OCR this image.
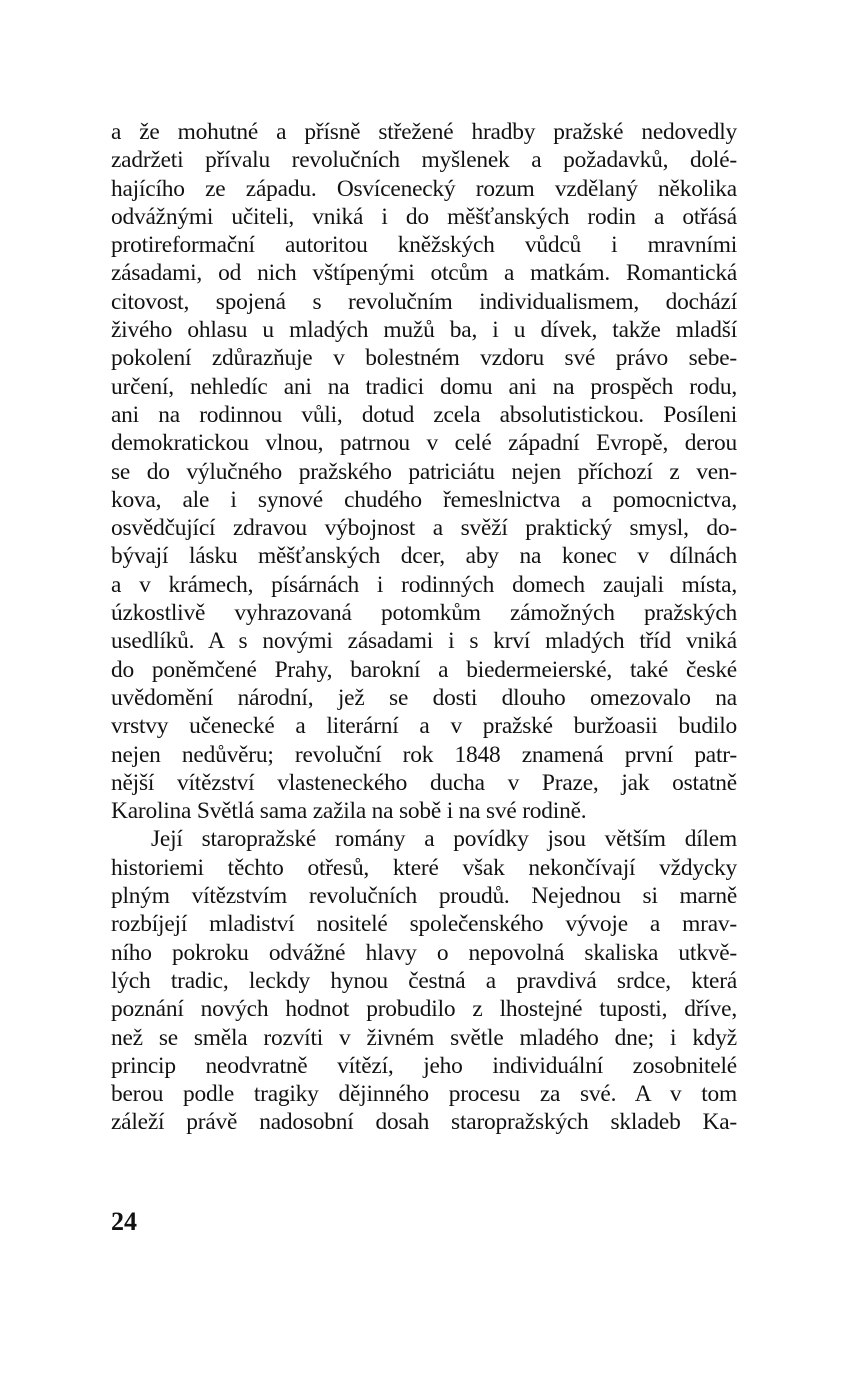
a že mohutné a přísně střežené hradby pražské nedovedly
zadržeti přívalu revolučních myšlenek a požadavků, dolé-
hajícího ze západu. Osvícenecký rozum vzdělaný několika
odvážnými učiteli, vniká i do měšťanských rodin a otřásá
protireformační autoritou kněžských vůdců i mravními
zásadami, od nich vštípenými otcům a matkám. Romantická
citovost, spojená s revolučním individualismem, dochází
živého ohlasu u mladých mužů ba, i u dívek, takže mladší
pokolení zdůrazňuje v bolestném vzdoru své právo sebe-
určení, nehledíc ani na tradici domu ani na prospěch rodu,
ani na rodinnou vůli, dotud zcela absolutistickou. Posíleni
demokratickou vlnou, patrnou v celé západní Evropě, derou
se do výlučného pražského patriciátu nejen příchozí z ven-
kova, ale i synové chudého řemeslnictva a pomocnictva,
osvědčující zdravou výbojnost a svěží praktický smysl, do-
bývají lásku měšťanských dcer, aby na konec v dílnách
a v krámech, písárnách i rodinných domech zaujali místa,
úzkostlivě vyhrazovaná potomkům zámožných pražských
usedlíků. A s novými zásadami i s krví mladých tříd vniká
do poněmčené Prahy, barokní a biedermeierské, také české
uvědomění národní, jež se dosti dlouho omezovalo na
vrstvy učenecké a literární a v pražské buržoasii budilo
nejen nedůvěru; revoluční rok 1848 znamená první patr-
nější vítězství vlasteneckého ducha v Praze, jak ostatně
Karolina Světlá sama zažila na sobě i na své rodině.
Její staropražské romány a povídky jsou větším dílem
historiemi těchto otřesů, které však nekončívají vždycky
plným vítězstvím revolučních proudů. Nejednou si marně
rozbíjejí mladiství nositelé společenského vývoje a mrav-
ního pokroku odvážné hlavy o nepovolná skaliska utkvě-
lých tradic, leckdy hynou čestná a pravdivá srdce, která
poznání nových hodnot probudilo z lhostejné tuposti, dříve,
než se směla rozvíti v živném světle mladého dne; i když
princip neodvratně vítězí, jeho individuální zosobnitelé
berou podle tragiky dějinného procesu za své. A v tom
záleží právě nadosobní dosah staropražských skladeb Ka-
24
